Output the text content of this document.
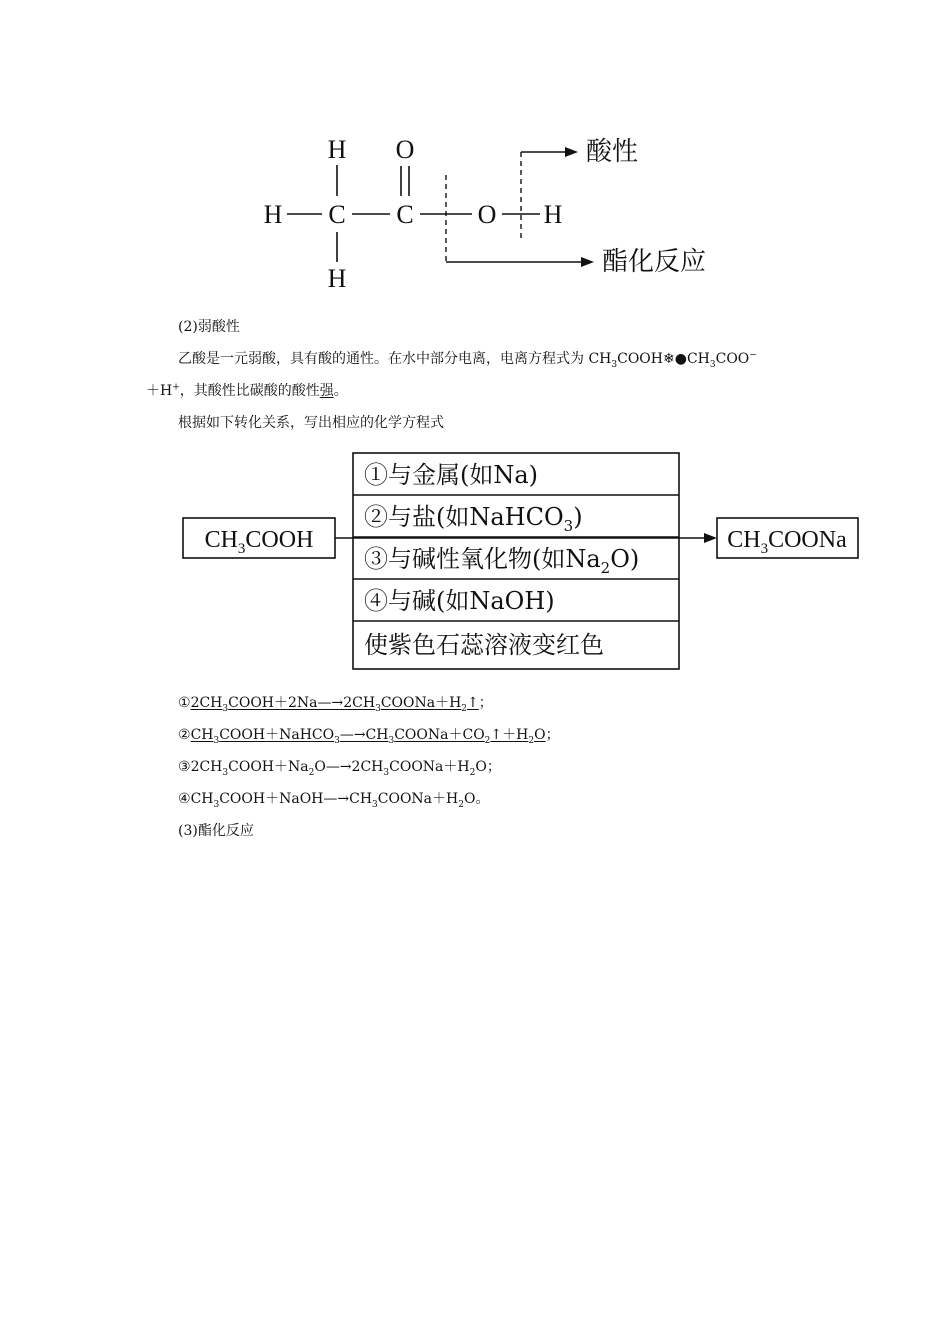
H O
H C C O H
H
酸性
酯化反应
(2)弱酸性
乙酸是一元弱酸，具有酸的通性。在水中部分电离，电离方程式为 $CH_3COOH❄●CH_3COO^-$
＋H+，其酸性比碳酸的酸性强。
根据如下转化关系，写出相应的化学方程式
$CH_3COOH$	$CH_3COONa$
①与金属(如Na)
②与盐(如NaHCO$_3$)
③与碱性氧化物(如$Na_2O$)
④与碱(如NaOH)
使紫色石蕊溶液变红色
$①2CH_3COOH+2Na—\to 2CH_3COONa+H_2↑$；
$②CH_3COOH+NaHCO_3—\to CH_3COONa+CO_2↑+H_2O$；
$③2CH_3COOH+Na_2O—\to 2CH_3COONa+H_2O$；
$④CH_3COOH+NaOH—\to CH_3COONa+H_2O$。
(3)酯化反应
